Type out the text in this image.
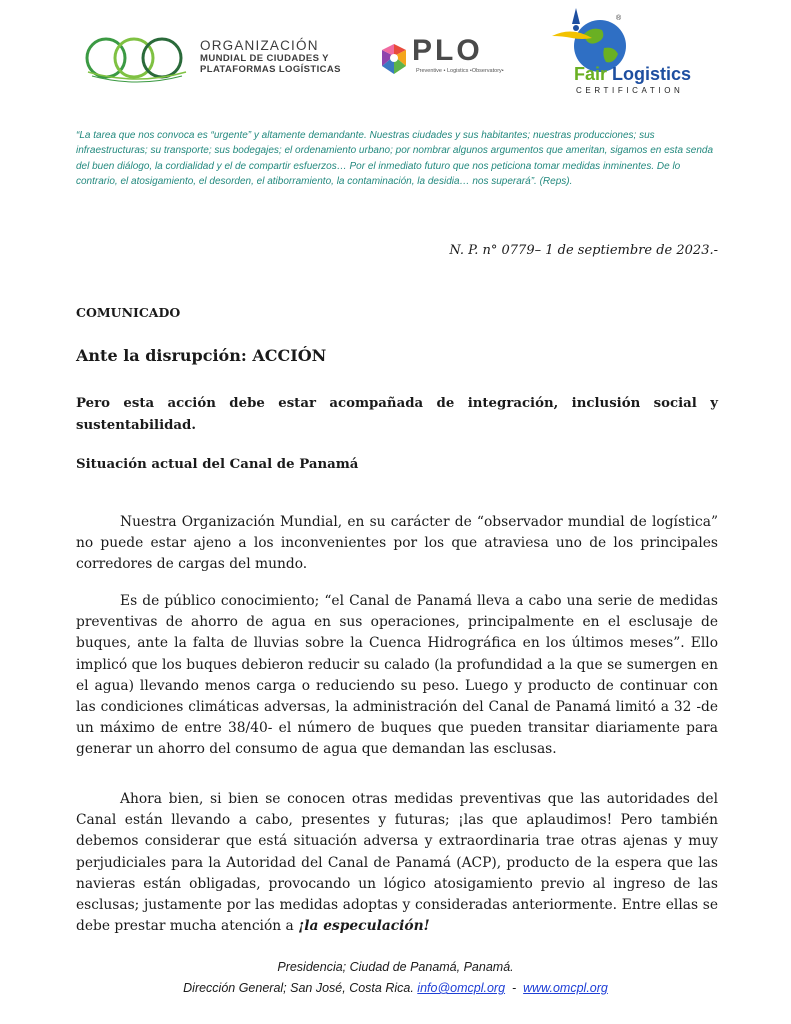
ORGANIZACIÓN
MUNDIAL DE CIUDADES Y
PLATAFORMAS LOGÍSTICAS
PLO
Preventive • Logistics •Observatory•
®
Fair Logistics
CERTIFICATION
“La tarea que nos convoca es “urgente” y altamente demandante. Nuestras ciudades y sus habitantes; nuestras producciones; sus infraestructuras; su transporte; sus bodegajes; el ordenamiento urbano; por nombrar algunos argumentos que ameritan, sigamos en esta senda del buen diálogo, la cordialidad y el de compartir esfuerzos… Por el inmediato futuro que nos peticiona tomar medidas inminentes. De lo contrario, el atosigamiento, el desorden, el atiborramiento, la contaminación, la desidia… nos superará”. (Reps).
N. P. n° 0779– 1 de septiembre de 2023.-
COMUNICADO
Ante la disrupción: ACCIÓN
Pero esta acción debe estar acompañada de integración, inclusión social y sustentabilidad.
Situación actual del Canal de Panamá

Nuestra Organización Mundial, en su carácter de “observador mundial de logística” no puede estar ajeno a los inconvenientes por los que atraviesa uno de los principales corredores de cargas del mundo.

Es de público conocimiento; “el Canal de Panamá lleva a cabo una serie de medidas preventivas de ahorro de agua en sus operaciones, principalmente en el esclusaje de buques, ante la falta de lluvias sobre la Cuenca Hidrográfica en los últimos meses”. Ello implicó que los buques debieron reducir su calado (la profundidad a la que se sumergen en el agua) llevando menos carga o reduciendo su peso. Luego y producto de continuar con las condiciones climáticas adversas, la administración del Canal de Panamá limitó a 32 -de un máximo de entre 38/40- el número de buques que pueden transitar diariamente para generar un ahorro del consumo de agua que demandan las esclusas.

Ahora bien, si bien se conocen otras medidas preventivas que las autoridades del Canal están llevando a cabo, presentes y futuras; ¡las que aplaudimos! Pero también debemos considerar que está situación adversa y extraordinaria trae otras ajenas y muy perjudiciales para la Autoridad del Canal de Panamá (ACP), producto de la espera que las navieras están obligadas, provocando un lógico atosigamiento previo al ingreso de las esclusas; justamente por las medidas adoptas y consideradas anteriormente. Entre ellas se debe prestar mucha atención a ¡la especulación!

Presidencia; Ciudad de Panamá, Panamá.
Dirección General; San José, Costa Rica. info@omcpl.org - www.omcpl.org
